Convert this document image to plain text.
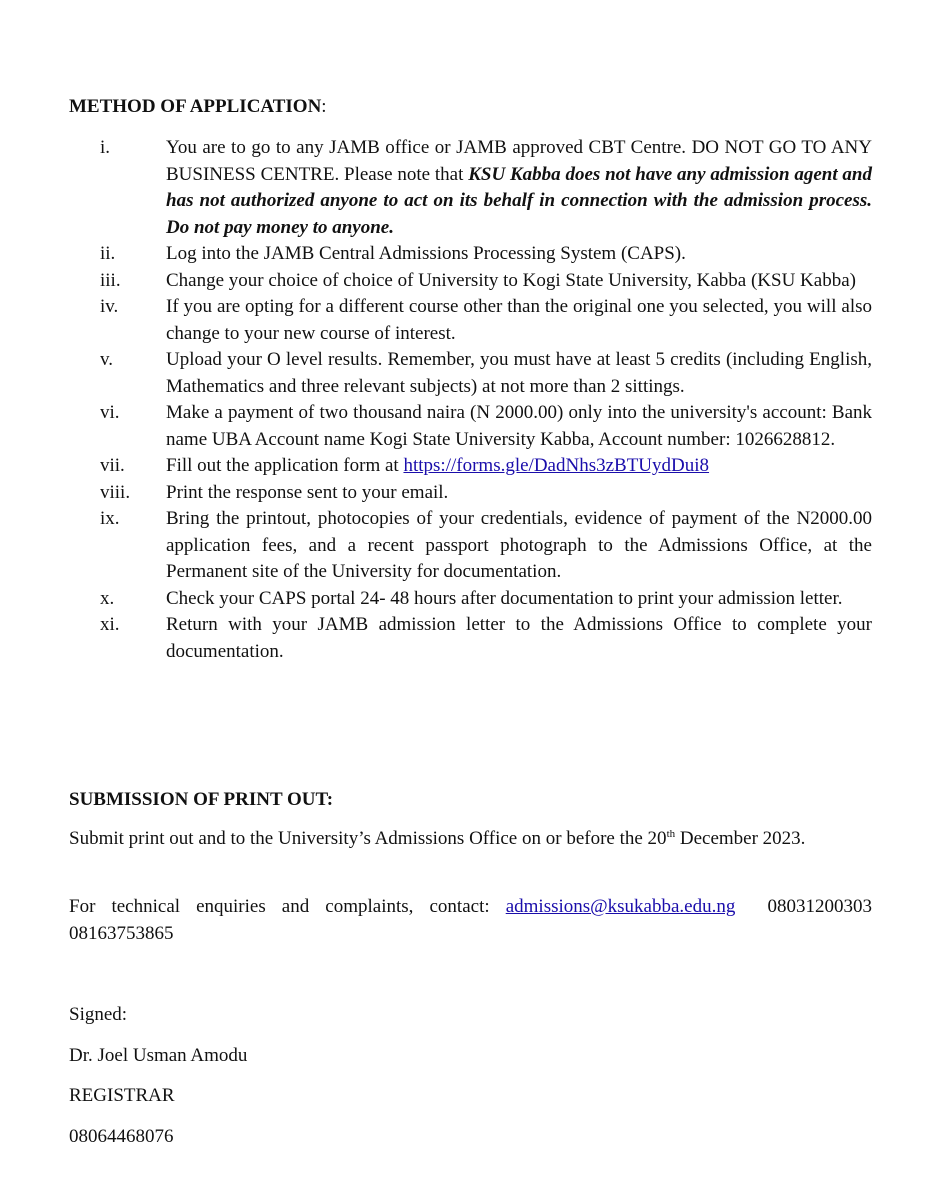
METHOD OF APPLICATION:
i.	You are to go to any JAMB office or JAMB approved CBT Centre. DO NOT GO TO ANY BUSINESS CENTRE. Please note that KSU Kabba does not have any admission agent and has not authorized anyone to act on its behalf in connection with the admission process. Do not pay money to anyone.
ii.	Log into the JAMB Central Admissions Processing System (CAPS).
iii. Change your choice of choice of University to Kogi State University, Kabba (KSU Kabba)
iv.	If you are opting for a different course other than the original one you selected, you will also change to your new course of interest.
v.	Upload your O level results. Remember, you must have at least 5 credits (including English, Mathematics and three relevant subjects) at not more than 2 sittings.
vi. Make a payment of two thousand naira (N 2000.00) only into the university's account: Bank name UBA Account name Kogi State University Kabba, Account number: 1026628812.
vii. Fill out the application form at https://forms.gle/DadNhs3zBTUydDui8
viii. Print the response sent to your email.
ix. Bring the printout, photocopies of your credentials, evidence of payment of the N2000.00 application fees, and a recent passport photograph to the Admissions Office, at the Permanent site of the University for documentation.
x.	Check your CAPS portal 24- 48 hours after documentation to print your admission letter.
xi. Return with your JAMB admission letter to the Admissions Office to complete your documentation.
SUBMISSION OF PRINT OUT:
Submit print out and to the University’s Admissions Office on or before the 20th December 2023.
For technical enquiries and complaints, contact: admissions@ksukabba.edu.ng 08031200303 08163753865
Signed:
Dr. Joel Usman Amodu
REGISTRAR
08064468076
